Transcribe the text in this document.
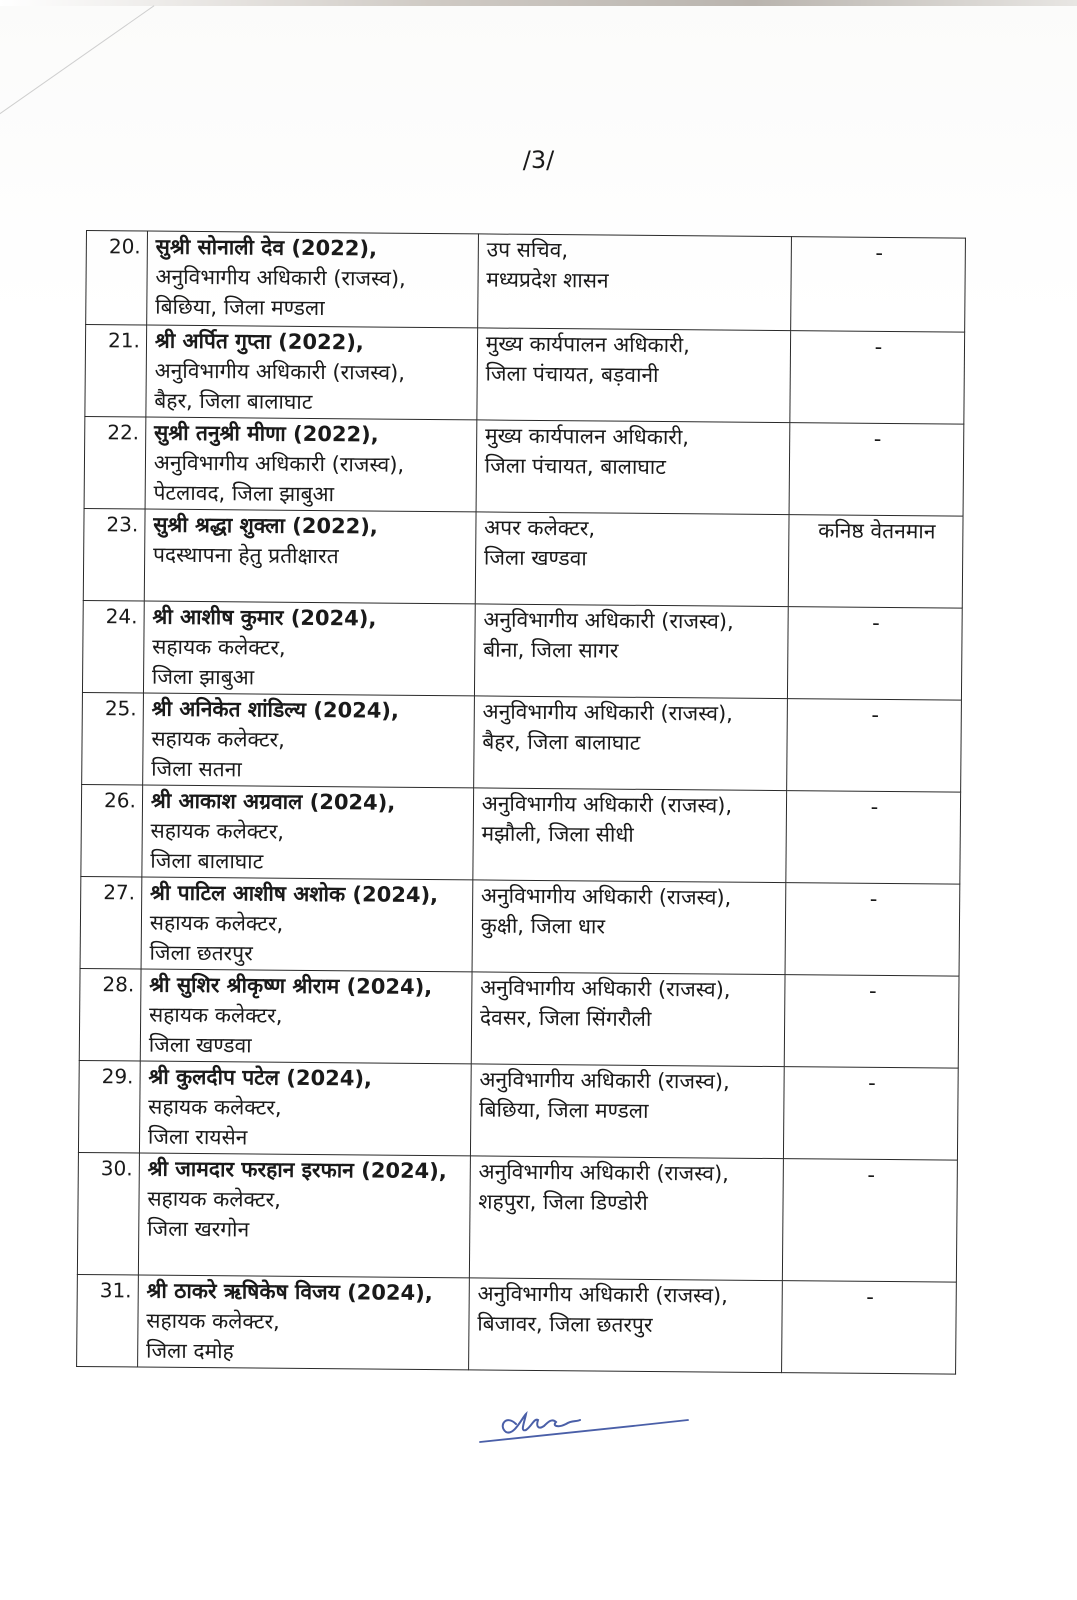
/3/
20.	सुश्री सोनाली देव (2022),
अनुविभागीय अधिकारी (राजस्व),
बिछिया, जिला मण्डला	उप सचिव,
मध्यप्रदेश शासन	-
21.	श्री अर्पित गुप्ता (2022),
अनुविभागीय अधिकारी (राजस्व),
बैहर, जिला बालाघाट	मुख्य कार्यपालन अधिकारी,
जिला पंचायत, बड़वानी	-
22.	सुश्री तनुश्री मीणा (2022),
अनुविभागीय अधिकारी (राजस्व),
पेटलावद, जिला झाबुआ	मुख्य कार्यपालन अधिकारी,
जिला पंचायत, बालाघाट	-
23.	सुश्री श्रद्धा शुक्ला (2022),
पदस्थापना हेतु प्रतीक्षारत	अपर कलेक्टर,
जिला खण्डवा	कनिष्ठ वेतनमान
24.	श्री आशीष कुमार (2024),
सहायक कलेक्टर,
जिला झाबुआ	अनुविभागीय अधिकारी (राजस्व),
बीना, जिला सागर	-
25.	श्री अनिकेत शांडिल्य (2024),
सहायक कलेक्टर,
जिला सतना	अनुविभागीय अधिकारी (राजस्व),
बैहर, जिला बालाघाट	-
26.	श्री आकाश अग्रवाल (2024),
सहायक कलेक्टर,
जिला बालाघाट	अनुविभागीय अधिकारी (राजस्व),
मझौली, जिला सीधी	-
27.	श्री पाटिल आशीष अशोक (2024),
सहायक कलेक्टर,
जिला छतरपुर	अनुविभागीय अधिकारी (राजस्व),
कुक्षी, जिला धार	-
28.	श्री सुशिर श्रीकृष्ण श्रीराम (2024),
सहायक कलेक्टर,
जिला खण्डवा	अनुविभागीय अधिकारी (राजस्व),
देवसर, जिला सिंगरौली	-
29.	श्री कुलदीप पटेल (2024),
सहायक कलेक्टर,
जिला रायसेन	अनुविभागीय अधिकारी (राजस्व),
बिछिया, जिला मण्डला	-
30.	श्री जामदार फरहान इरफान (2024),
सहायक कलेक्टर,
जिला खरगोन	अनुविभागीय अधिकारी (राजस्व),
शहपुरा, जिला डिण्डोरी	-
31.	श्री ठाकरे ऋषिकेष विजय (2024),
सहायक कलेक्टर,
जिला दमोह	अनुविभागीय अधिकारी (राजस्व),
बिजावर, जिला छतरपुर	-
